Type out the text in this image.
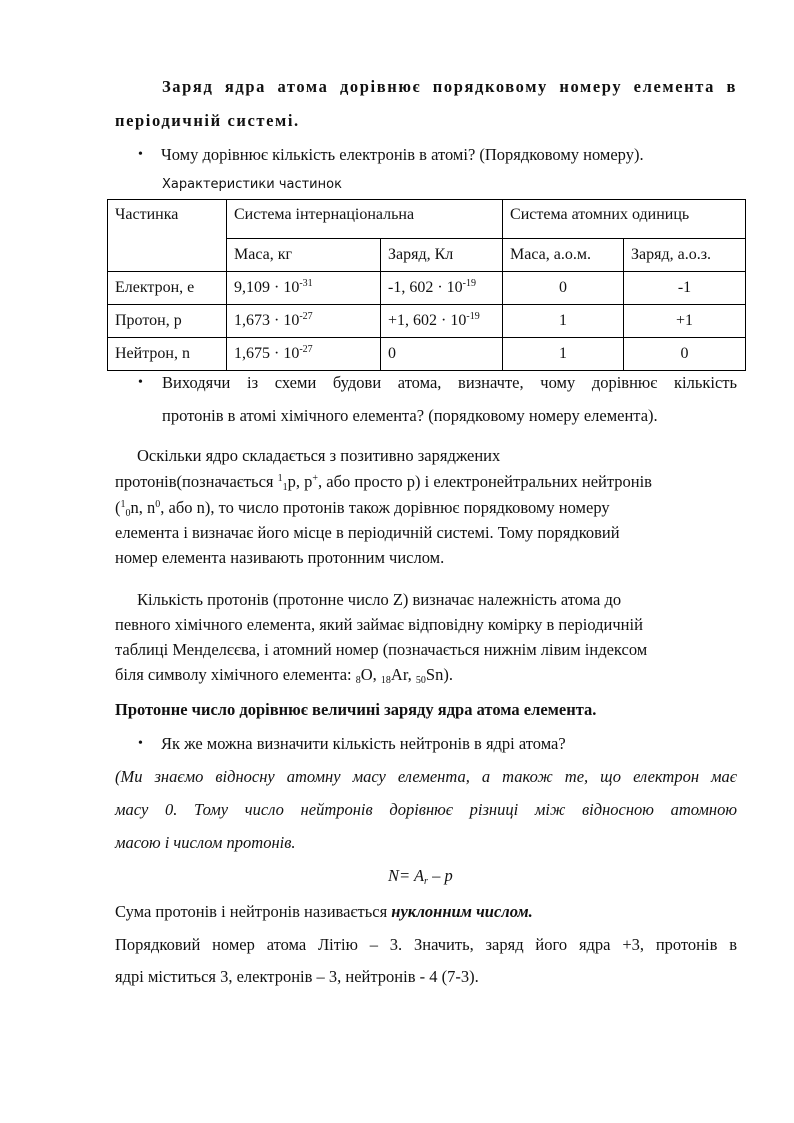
Заряд ядра атома дорівнює порядковому номеру елемента в
періодичній системі.
• Чому дорівнює кількість електронів в атомі? (Порядковому номеру).
Характеристики частинок
Частинка	Система інтернаціональна		Система атомних одиниць	
	Маса, кг	Заряд, Кл	Маса, а.о.м.	Заряд, а.о.з.
Електрон, е	$9,109 \cdot 10^{-31}$	-1, $602 \cdot 10^{-19}$	0	-1
Протон, р	$1,673 \cdot 10^{-27}$	+1, $602 \cdot 10^{-19}$	1	+1
Нейтрон, n	$1,675 \cdot 10^{-27}$	0	1	0
• Виходячи із схеми будови атома, визначте, чому дорівнює кількість
протонів в атомі хімічного елемента? (порядковому номеру елемента).
Оскільки ядро складається з позитивно заряджених
протонів(позначається $^1_1$p, p+, або просто р) і електронейтральних нейтронів
($^1_0$n, $n^0$, або n), то число протонів також дорівнює порядковому номеру
елемента і визначає його місце в періодичній системі. Тому порядковий
номер елемента називають протонним числом.
Кількість протонів (протонне число Z) визначає належність атома до
певного хімічного елемента, який займає відповідну комірку в періодичній
таблиці Менделєєва, і атомний номер (позначається нижнім лівим індексом
біля символу хімічного елемента: $_8$O, $_{18}$Ar, $_{50}$Sn).
Протонне число дорівнює величині заряду ядра атома елемента.
• Як же можна визначити кількість нейтронів в ядрі атома?
(Ми знаємо відносну атомну масу елемента, а також те, що електрон має
масу 0. Тому число нейтронів дорівнює різниці між відносною атомною
масою і числом протонів.
$N= A_r - p$
Сума протонів і нейтронів називається нуклонним числом.
Порядковий номер атома Літію – 3. Значить, заряд його ядра +3, протонів в
ядрі міститься 3, електронів – 3, нейтронів - 4 (7-3).
